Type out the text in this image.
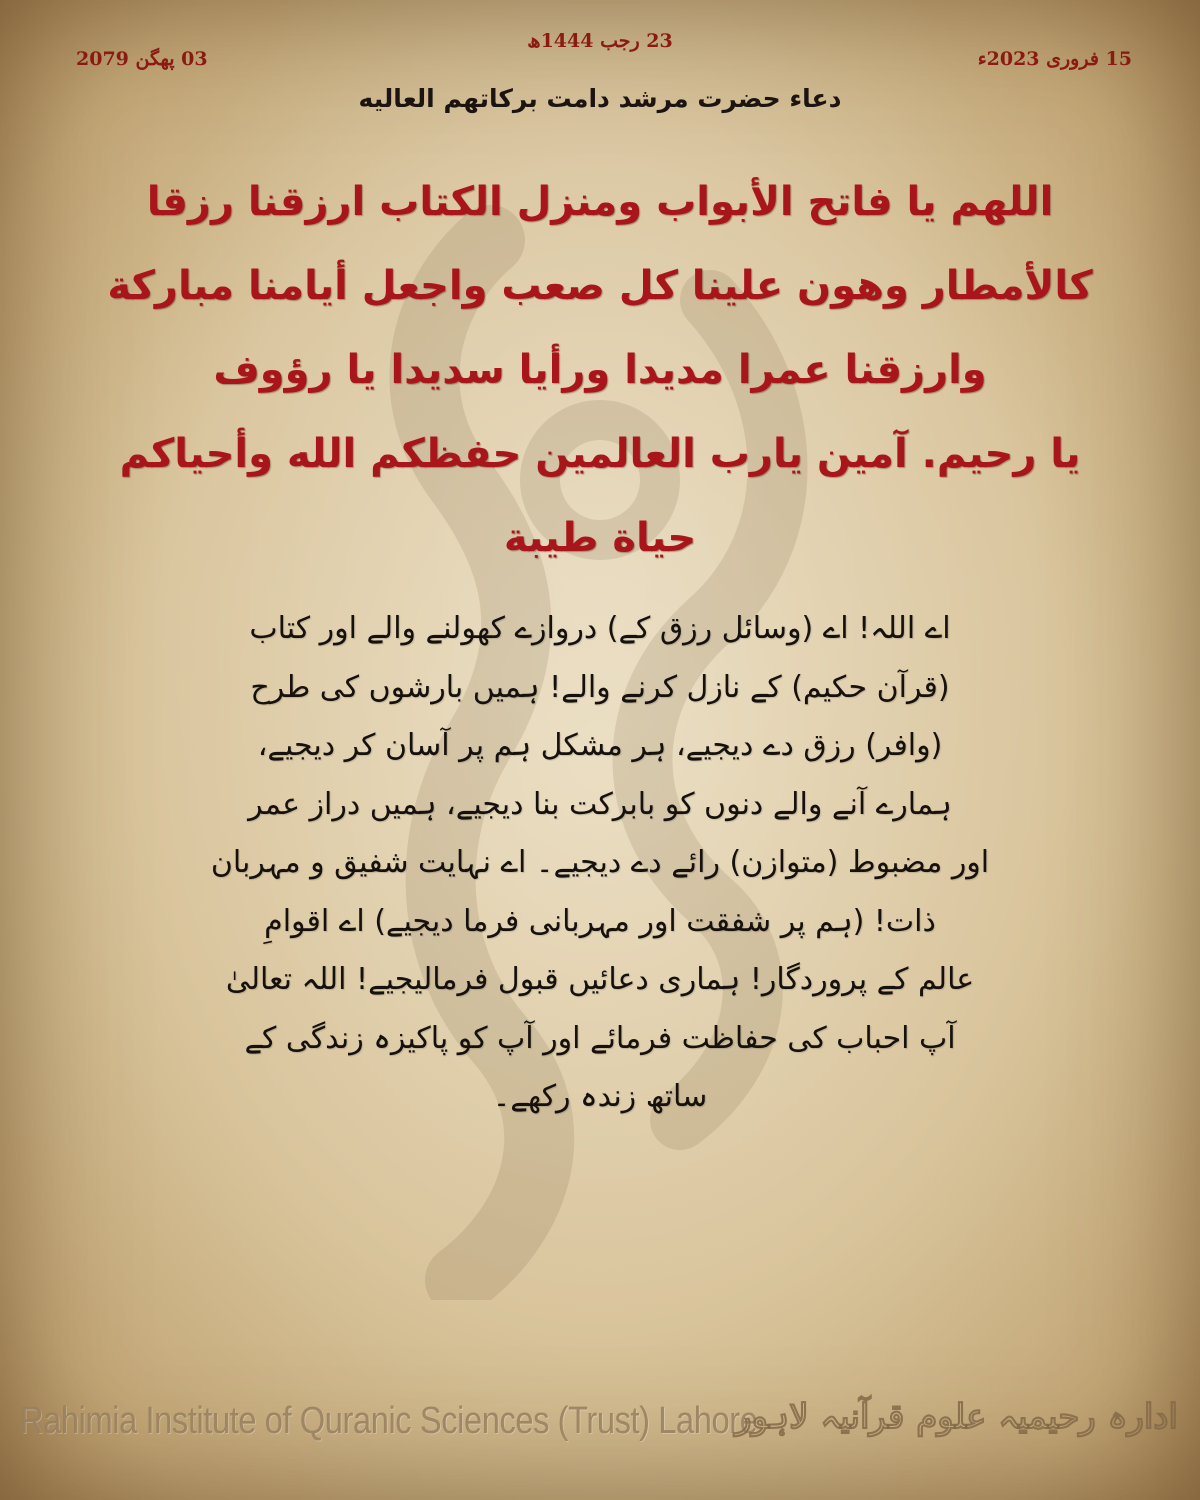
23 رجب 1444ھ
15 فروری 2023ء
03 پھگن 2079
دعاء حضرت مرشد دامت برکاتهم العالیه
اللهم يا فاتح الأبواب ومنزل الكتاب ارزقنا رزقا
كالأمطار وهون علينا كل صعب واجعل أيامنا مباركة
وارزقنا عمرا مديدا ورأيا سديدا يا رؤوف
يا رحيم. آمين يارب العالمين حفظكم الله وأحياكم
حياة طيبة
اے اللہ! اے (وسائل رزق کے) دروازے کھولنے والے اور کتاب
(قرآن حکیم) کے نازل کرنے والے! ہمیں بارشوں کی طرح
(وافر) رزق دے دیجیے، ہر مشکل ہم پر آسان کر دیجیے،
ہمارے آنے والے دنوں کو بابرکت بنا دیجیے، ہمیں دراز عمر
اور مضبوط (متوازن) رائے دے دیجیے۔ اے نہایت شفیق و مہربان
ذات! (ہم پر شفقت اور مہربانی فرما دیجیے) اے اقوامِ
عالم کے پروردگار! ہماری دعائیں قبول فرمالیجیے! اللہ تعالیٰ
آپ احباب کی حفاظت فرمائے اور آپ کو پاکیزہ زندگی کے
ساتھ زندہ رکھے۔
Rahimia Institute of Quranic Sciences (Trust) Lahore
ادارہ رحیمیہ علوم قرآنیہ لاہور
